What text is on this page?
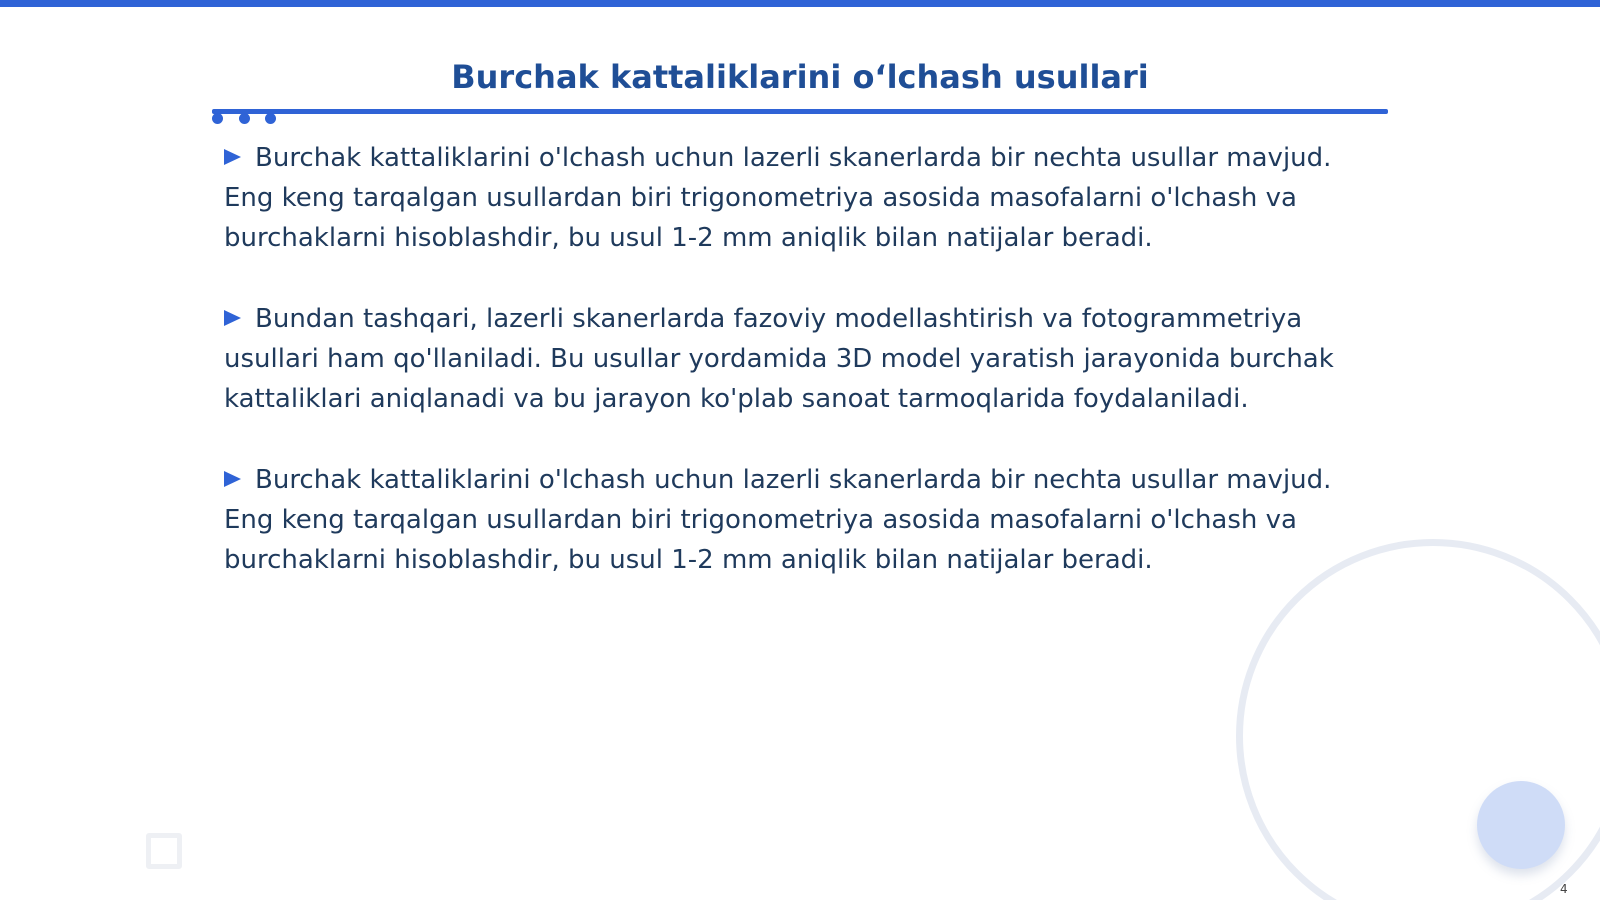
Burchak kattaliklarini o‘lchash usullari

Burchak kattaliklarini o'lchash uchun lazerli skanerlarda bir nechta usullar mavjud. Eng keng tarqalgan usullardan biri trigonometriya asosida masofalarni o'lchash va burchaklarni hisoblashdir, bu usul 1-2 mm aniqlik bilan natijalar beradi.

Bundan tashqari, lazerli skanerlarda fazoviy modellashtirish va fotogrammetriya usullari ham qo'llaniladi. Bu usullar yordamida 3D model yaratish jarayonida burchak kattaliklari aniqlanadi va bu jarayon ko'plab sanoat tarmoqlarida foydalaniladi.

Burchak kattaliklarini o'lchash uchun lazerli skanerlarda bir nechta usullar mavjud. Eng keng tarqalgan usullardan biri trigonometriya asosida masofalarni o'lchash va burchaklarni hisoblashdir, bu usul 1-2 mm aniqlik bilan natijalar beradi.

4
